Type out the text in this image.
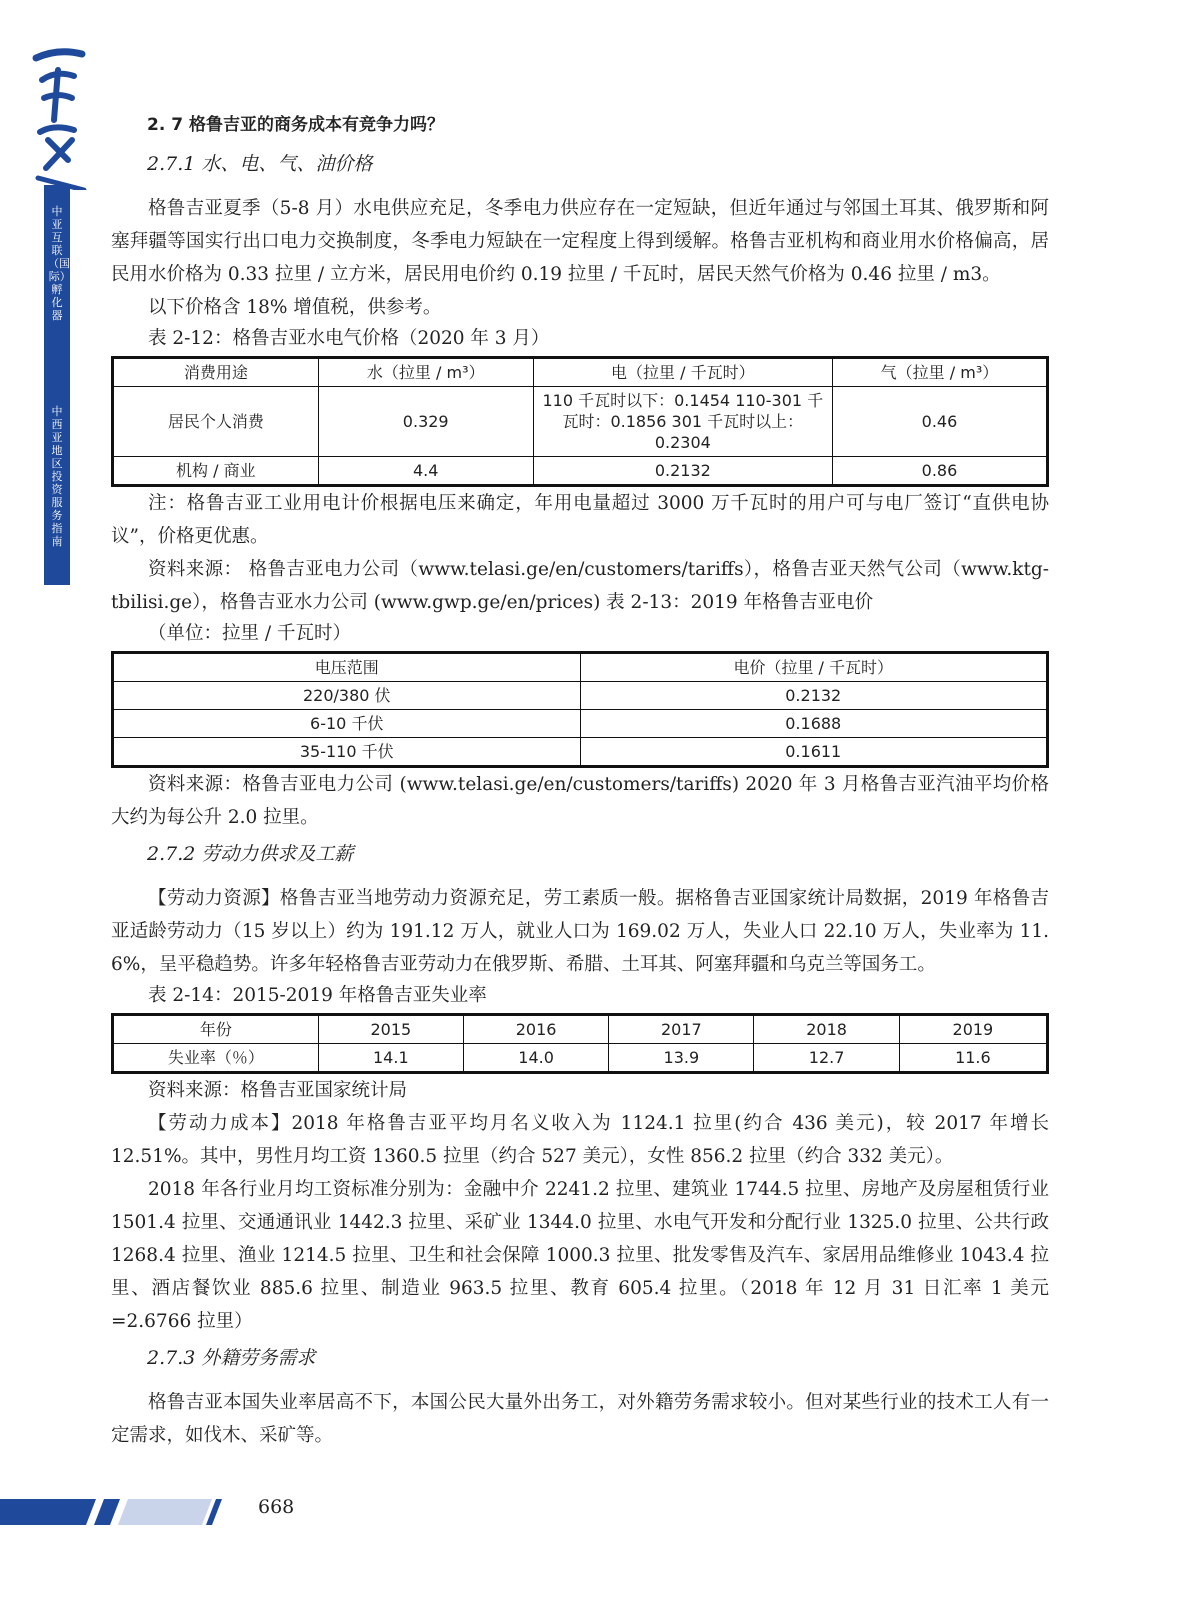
中亚互联（国际）孵化器
中西亚地区投资服务指南
2. 7 格鲁吉亚的商务成本有竞争力吗？
2.7.1 水、电、气、油价格

格鲁吉亚夏季（5-8 月）水电供应充足，冬季电力供应存在一定短缺，但近年通过与邻国土耳其、俄罗斯和阿塞拜疆等国实行出口电力交换制度，冬季电力短缺在一定程度上得到缓解。格鲁吉亚机构和商业用水价格偏高，居民用水价格为 0.33 拉里 / 立方米，居民用电价约 0.19 拉里 / 千瓦时，居民天然气价格为 0.46 拉里 / m3。

以下价格含 18% 增值税，供参考。

表 2-12：格鲁吉亚水电气价格（2020 年 3 月）
消费用途	水（拉里 / m³）	电（拉里 / 千瓦时）	气（拉里 / m³）
居民个人消费	0.329	110 千瓦时以下：0.1454 110-301 千瓦时：0.1856 301 千瓦时以上：0.2304	0.46
机构 / 商业	4.4	0.2132	0.86

注：格鲁吉亚工业用电计价根据电压来确定，年用电量超过 3000 万千瓦时的用户可与电厂签订“直供电协议”，价格更优惠。

资料来源： 格鲁吉亚电力公司（www.telasi.ge/en/customers/tariffs），格鲁吉亚天然气公司（www.ktg-tbilisi.ge），格鲁吉亚水力公司 (www.gwp.ge/en/prices) 表 2-13：2019 年格鲁吉亚电价

（单位：拉里 / 千瓦时）
电压范围	电价（拉里 / 千瓦时）
220/380 伏	0.2132
6-10 千伏	0.1688
35-110 千伏	0.1611

资料来源：格鲁吉亚电力公司 (www.telasi.ge/en/customers/tariffs) 2020 年 3 月格鲁吉亚汽油平均价格大约为每公升 2.0 拉里。

2.7.2 劳动力供求及工薪

【劳动力资源】格鲁吉亚当地劳动力资源充足，劳工素质一般。据格鲁吉亚国家统计局数据，2019 年格鲁吉亚适龄劳动力（15 岁以上）约为 191.12 万人，就业人口为 169.02 万人，失业人口 22.10 万人，失业率为 11. 6%，呈平稳趋势。许多年轻格鲁吉亚劳动力在俄罗斯、希腊、土耳其、阿塞拜疆和乌克兰等国务工。

表 2-14：2015-2019 年格鲁吉亚失业率
年份	2015	2016	2017	2018	2019
失业率（％）	14.1	14.0	13.9	12.7	11.6

资料来源：格鲁吉亚国家统计局

【劳动力成本】2018 年格鲁吉亚平均月名义收入为 1124.1 拉里(约合 436 美元)，较 2017 年增长 12.51%。其中，男性月均工资 1360.5 拉里（约合 527 美元），女性 856.2 拉里（约合 332 美元）。

2018 年各行业月均工资标准分别为：金融中介 2241.2 拉里、建筑业 1744.5 拉里、房地产及房屋租赁行业 1501.4 拉里、交通通讯业 1442.3 拉里、采矿业 1344.0 拉里、水电气开发和分配行业 1325.0 拉里、公共行政 1268.4 拉里、渔业 1214.5 拉里、卫生和社会保障 1000.3 拉里、批发零售及汽车、家居用品维修业 1043.4 拉里、酒店餐饮业 885.6 拉里、制造业 963.5 拉里、教育 605.4 拉里。（2018 年 12 月 31 日汇率 1 美元 =2.6766 拉里）

2.7.3 外籍劳务需求

格鲁吉亚本国失业率居高不下，本国公民大量外出务工，对外籍劳务需求较小。但对某些行业的技术工人有一定需求，如伐木、采矿等。

668
